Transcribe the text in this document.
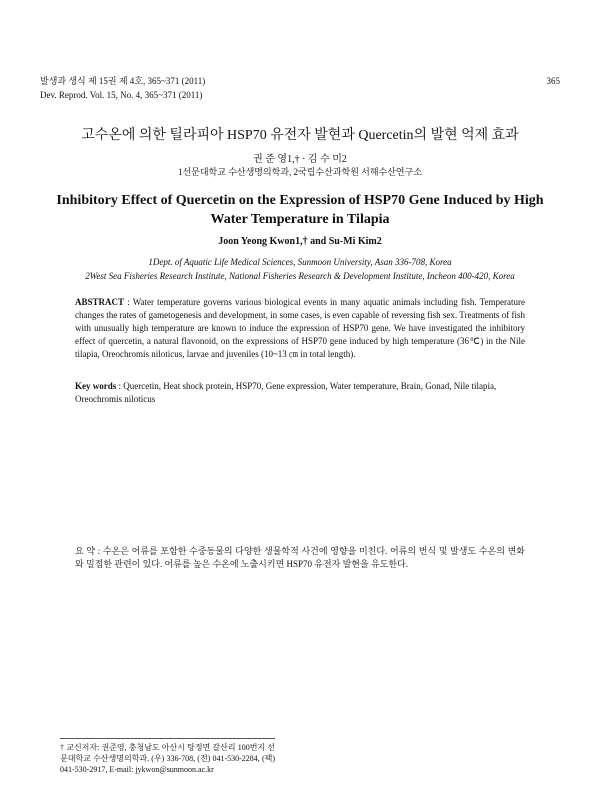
발생과 생식 제 15권 제 4호, 365~371 (2011)
Dev. Reprod. Vol. 15, No. 4, 365~371 (2011)
365
고수온에 의한 틸라피아 HSP70 유전자 발현과 Quercetin의 발현 억제 효과
권 준 영1,† · 김 수 미2
1선문대학교 수산생명의학과, 2국립수산과학원 서해수산연구소
Inhibitory Effect of Quercetin on the Expression of HSP70 Gene Induced by High Water Temperature in Tilapia
Joon Yeong Kwon1,† and Su-Mi Kim2
1Dept. of Aquatic Life Medical Sciences, Sunmoon University, Asan 336-708, Korea
2West Sea Fisheries Research Institute, National Fisheries Research & Development Institute, Incheon 400-420, Korea
ABSTRACT : Water temperature governs various biological events in many aquatic animals including fish. Temperature changes the rates of gametogenesis and development, in some cases, is even capable of reversing fish sex. Treatments of fish with unusually high temperature are known to induce the expression of HSP70 gene. We have investigated the inhibitory effect of quercetin, a natural flavonoid, on the expressions of HSP70 gene induced by high temperature (36℃) in the Nile tilapia, Oreochromis niloticus, larvae and juveniles (10~13 ㎝ in total length).
Key words : Quercetin, Heat shock protein, HSP70, Gene expression, Water temperature, Brain, Gonad, Nile tilapia, Oreochromis niloticus
요 약 : 수온은 어류를 포함한 수중동물의 다양한 생물학적 사건에 영향을 미친다. 어류의 번식 및 발생도 수온의 변화와 밀접한 관련이 있다. 어류를 높은 수온에 노출시키면 HSP70 유전자 발현을 유도한다.
† 교신저자: 권준영, 충청남도 아산시 탕정면 갈산리 100번지 선문대학교 수산생명의학과. (우) 336-708, (전) 041-530-2284, (팩) 041-530-2917, E-mail: jykwon@sunmoon.ac.kr
